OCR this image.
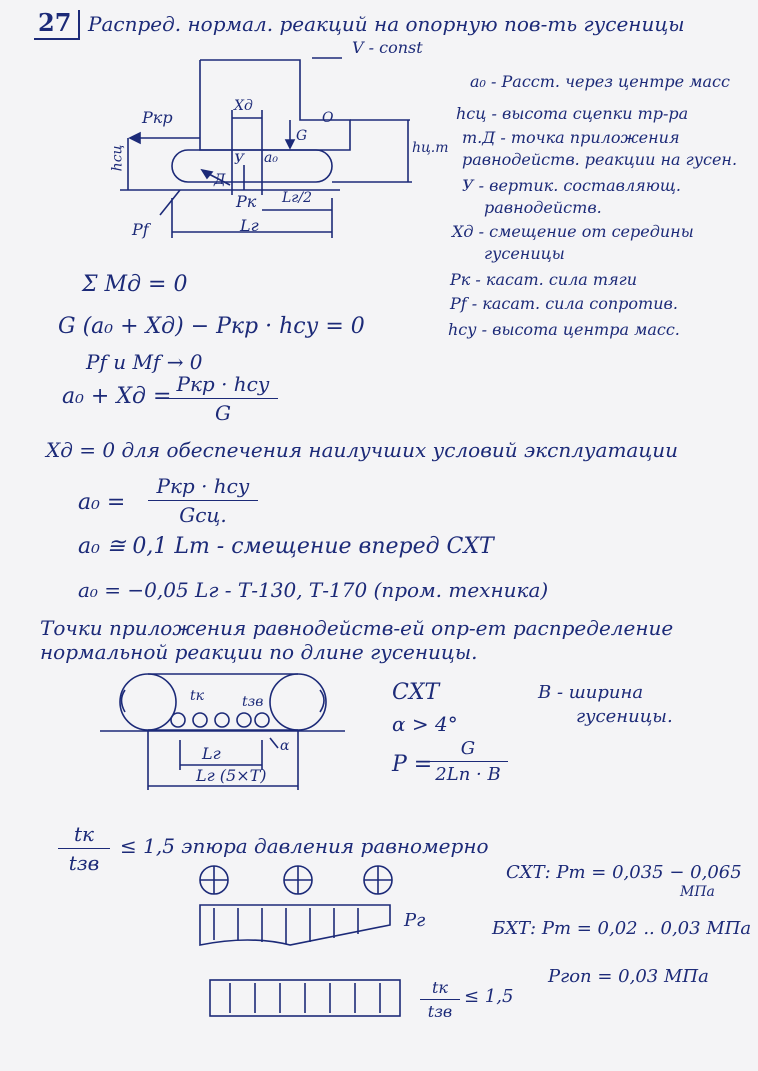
27 Распред. нормал. реакций на опорную пов-ть гусеницы
V - const
Ркр
hсц
Xд
O
G
У a₀
hц.т
Д
Рк Lг/2
Pf	Lг
a₀ - Расст. через центре масс
hсц - высота сцепки тр-ра
т.Д - точка приложения
равнодейств. реакции на гусен.
У - вертик. составляющ.
равнодейств.
Xд - смещение от середины
гусеницы
Рк - касат. сила тяги
Pf - касат. сила сопротив.
hсу - высота центра масс.
Σ Mд = 0
G (a₀ + Xд) − Pкр · hсу = 0
Pf и Mf → 0
a₀ + Xд = Pкр · hсу
G
Xд = 0 для обеспечения наилучших условий эксплуатации
a₀ =
Pкр · hсу
Gсц.
a₀ ≅ 0,1 Lт - смещение вперед СХТ
a₀ = −0,05 Lг - Т-130, Т-170 (пром. техника)
Точки приложения равнодейств-ей опр-ет распределение
нормальной реакции по длине гусеницы.
tк	tзв
α
Lг
Lг (5×Т)
СХТ
α > 4°
P =
G
2Lп · В
В - ширина
гусеницы.
tк
tзв
≤ 1,5 эпюра давления равномерно
Рг
СХТ: Pт = 0,035 − 0,065
МПа
БХТ: Pт = 0,02 .. 0,03 МПа
Pгоп = 0,03 МПа
tк
tзв
≤ 1,5
